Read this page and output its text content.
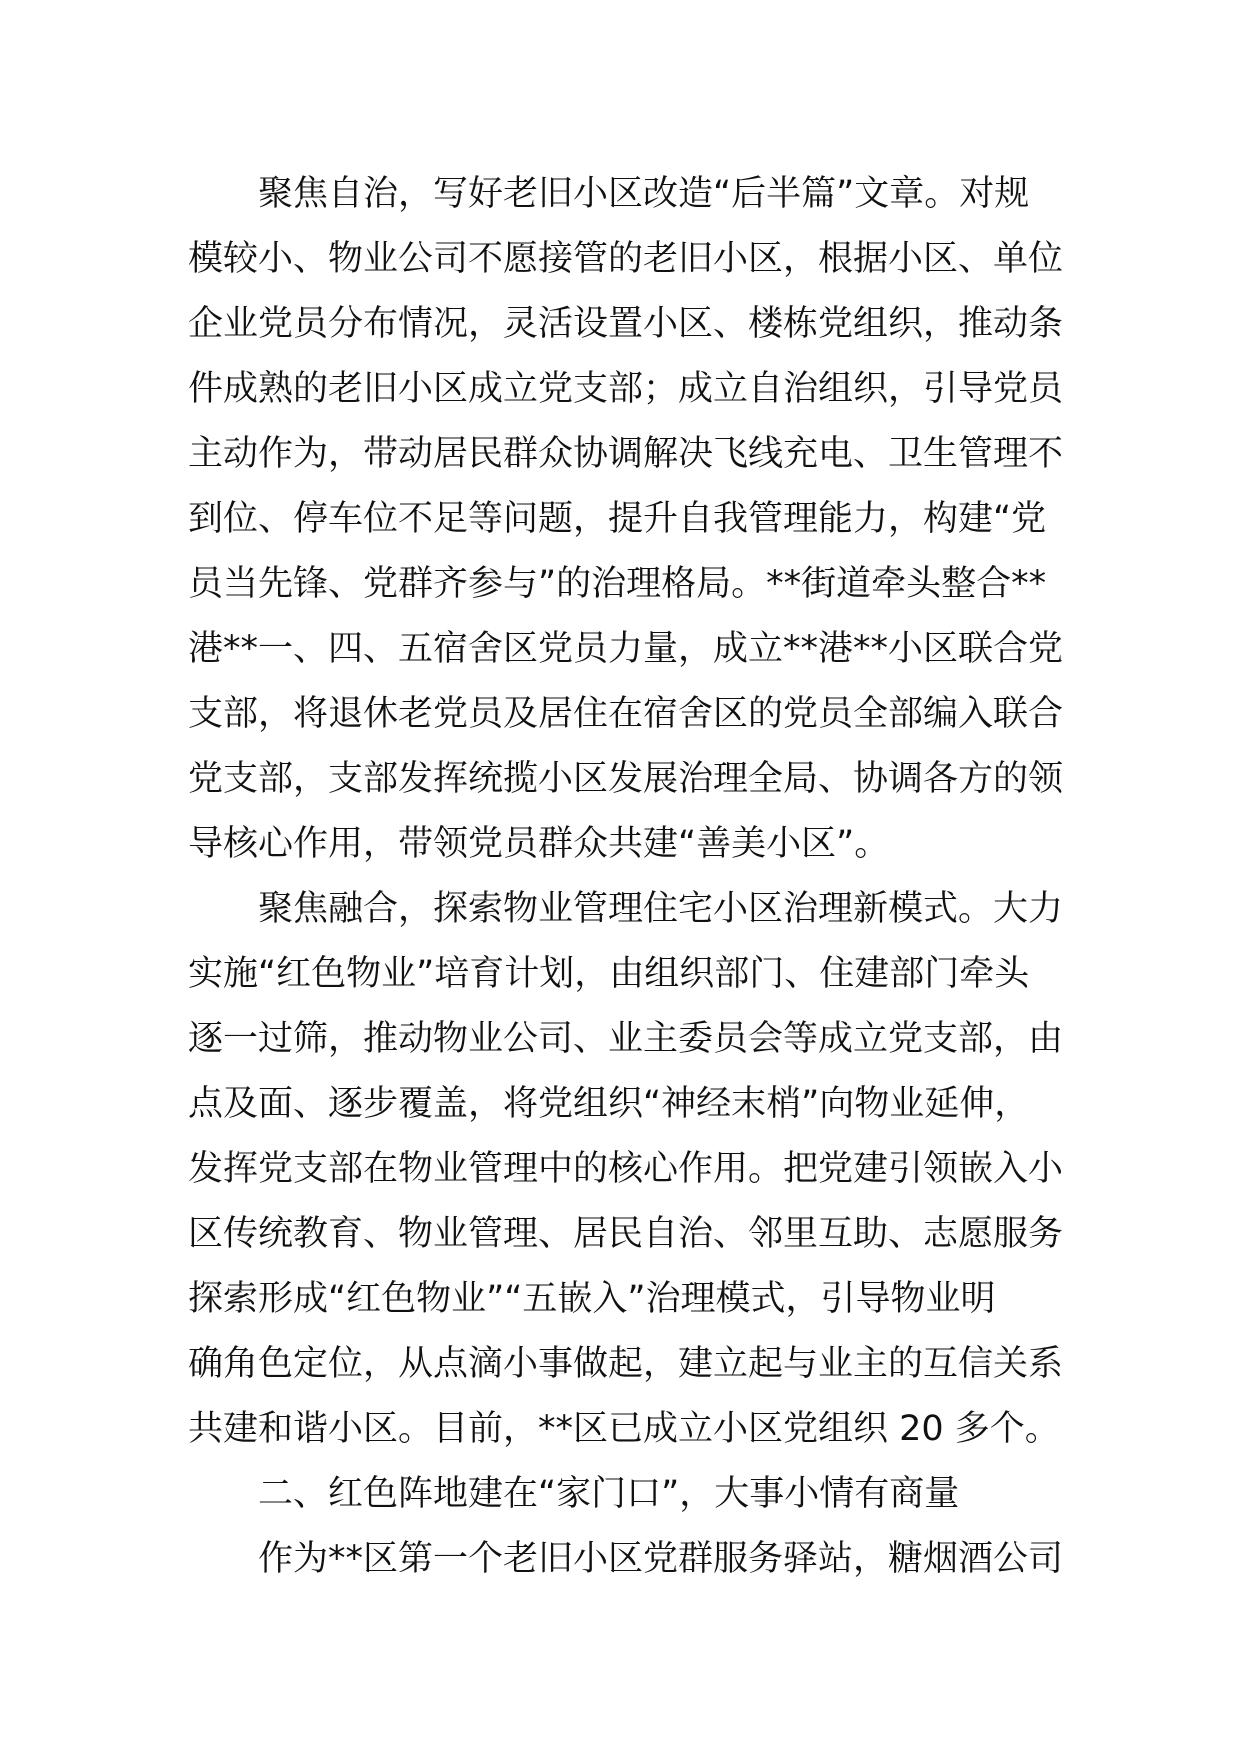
聚焦自治，写好老旧小区改造“后半篇”文章。对规
模较小、物业公司不愿接管的老旧小区，根据小区、单位
企业党员分布情况，灵活设置小区、楼栋党组织，推动条
件成熟的老旧小区成立党支部；成立自治组织，引导党员
主动作为，带动居民群众协调解决飞线充电、卫生管理不
到位、停车位不足等问题，提升自我管理能力，构建“党
员当先锋、党群齐参与”的治理格局。**街道牵头整合**
港**一、四、五宿舍区党员力量，成立**港**小区联合党
支部，将退休老党员及居住在宿舍区的党员全部编入联合
党支部，支部发挥统揽小区发展治理全局、协调各方的领
导核心作用，带领党员群众共建“善美小区”。
聚焦融合，探索物业管理住宅小区治理新模式。大力
实施“红色物业”培育计划，由组织部门、住建部门牵头
逐一过筛，推动物业公司、业主委员会等成立党支部，由
点及面、逐步覆盖，将党组织“神经末梢”向物业延伸，
发挥党支部在物业管理中的核心作用。把党建引领嵌入小
区传统教育、物业管理、居民自治、邻里互助、志愿服务
探索形成“红色物业”“五嵌入”治理模式，引导物业明
确角色定位，从点滴小事做起，建立起与业主的互信关系
共建和谐小区。目前，**区已成立小区党组织 20 多个。
二、红色阵地建在“家门口”，大事小情有商量
作为**区第一个老旧小区党群服务驿站，糖烟酒公司
